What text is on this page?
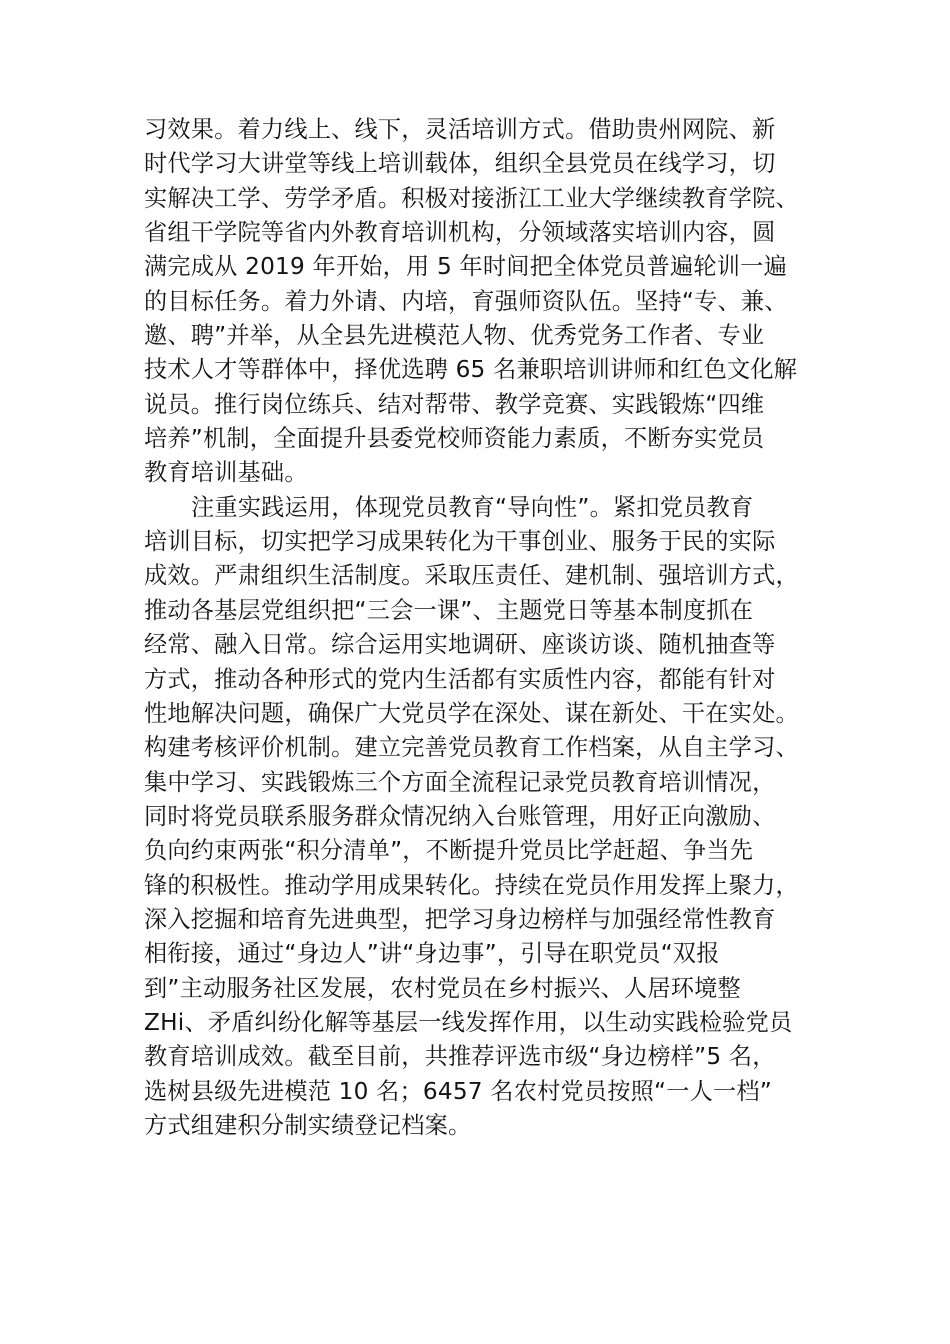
习效果。着力线上、线下，灵活培训方式。借助贵州网院、新
时代学习大讲堂等线上培训载体，组织全县党员在线学习，切
实解决工学、劳学矛盾。积极对接浙江工业大学继续教育学院、
省组干学院等省内外教育培训机构，分领域落实培训内容，圆
满完成从 2019 年开始，用 5 年时间把全体党员普遍轮训一遍
的目标任务。着力外请、内培，育强师资队伍。坚持“专、兼、
邀、聘”并举，从全县先进模范人物、优秀党务工作者、专业
技术人才等群体中，择优选聘 65 名兼职培训讲师和红色文化解
说员。推行岗位练兵、结对帮带、教学竞赛、实践锻炼“四维
培养”机制，全面提升县委党校师资能力素质，不断夯实党员
教育培训基础。
注重实践运用，体现党员教育“导向性”。紧扣党员教育
培训目标，切实把学习成果转化为干事创业、服务于民的实际
成效。严肃组织生活制度。采取压责任、建机制、强培训方式，
推动各基层党组织把“三会一课”、主题党日等基本制度抓在
经常、融入日常。综合运用实地调研、座谈访谈、随机抽查等
方式，推动各种形式的党内生活都有实质性内容，都能有针对
性地解决问题，确保广大党员学在深处、谋在新处、干在实处。
构建考核评价机制。建立完善党员教育工作档案，从自主学习、
集中学习、实践锻炼三个方面全流程记录党员教育培训情况，
同时将党员联系服务群众情况纳入台账管理，用好正向激励、
负向约束两张“积分清单”，不断提升党员比学赶超、争当先
锋的积极性。推动学用成果转化。持续在党员作用发挥上聚力，
深入挖掘和培育先进典型，把学习身边榜样与加强经常性教育
相衔接，通过“身边人”讲“身边事”，引导在职党员“双报
到”主动服务社区发展，农村党员在乡村振兴、人居环境整
ZHi、矛盾纠纷化解等基层一线发挥作用，以生动实践检验党员
教育培训成效。截至目前，共推荐评选市级“身边榜样”5 名，
选树县级先进模范 10 名；6457 名农村党员按照“一人一档”
方式组建积分制实绩登记档案。
